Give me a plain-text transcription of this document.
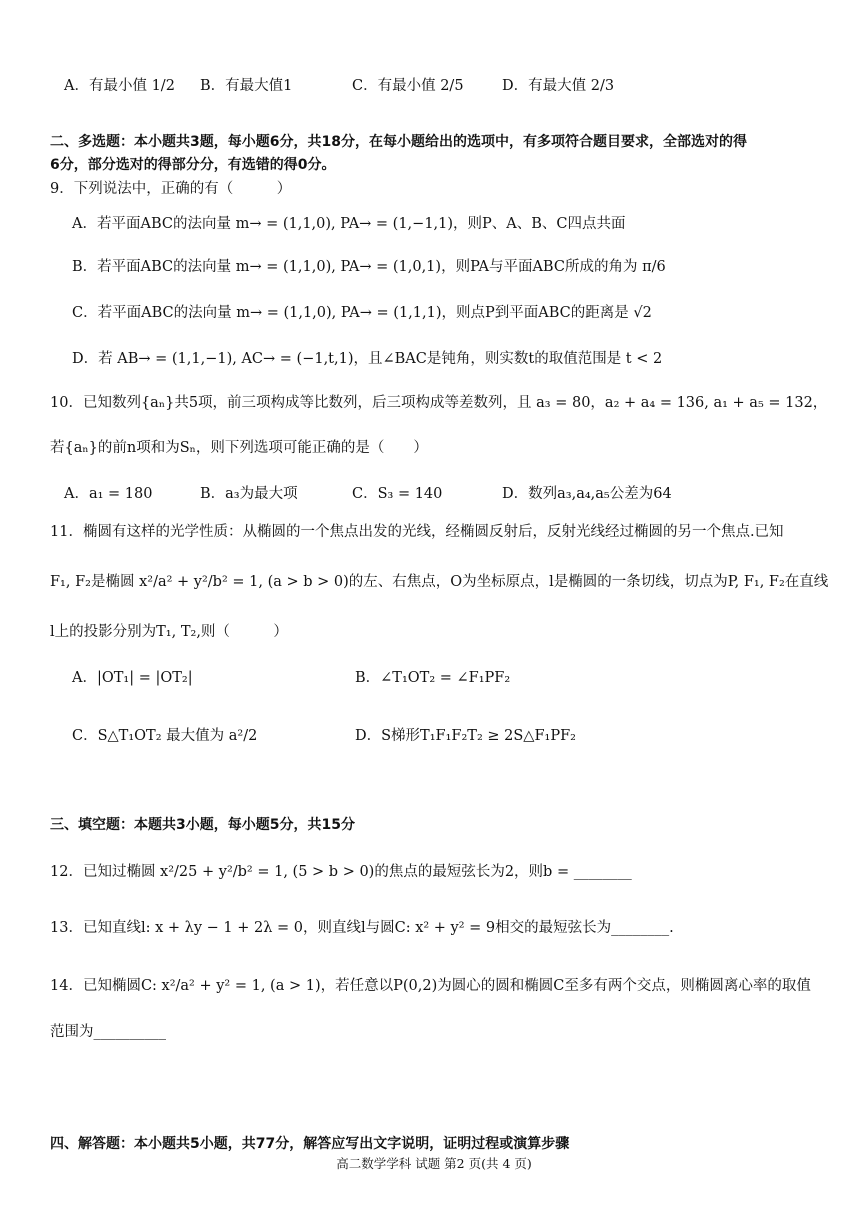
A．有最小值 1/2 B．有最大值1	C．有最小值 2/5	D．有最大值 2/3
二、多选题：本小题共3题，每小题6分，共18分，在每小题给出的选项中，有多项符合题目要求，全部选对的得
6分，部分选对的得部分分，有选错的得0分。
9．下列说法中，正确的有（　　　）
A．若平面ABC的法向量 m→ = (1,1,0), PA→ = (1,−1,1)，则P、A、B、C四点共面
B．若平面ABC的法向量 m→ = (1,1,0), PA→ = (1,0,1)，则PA与平面ABC所成的角为 π/6
C．若平面ABC的法向量 m→ = (1,1,0), PA→ = (1,1,1)，则点P到平面ABC的距离是 √2
D．若 AB→ = (1,1,−1), AC→ = (−1,t,1)，且∠BAC是钝角，则实数t的取值范围是 t < 2
10．已知数列{aₙ}共5项，前三项构成等比数列，后三项构成等差数列，且 a₃ = 80，a₂ + a₄ = 136, a₁ + a₅ = 132，
若{aₙ}的前n项和为Sₙ，则下列选项可能正确的是（　　）
A．a₁ = 180	B．a₃为最大项	C．S₃ = 140	D．数列a₃,a₄,a₅公差为64
11．椭圆有这样的光学性质：从椭圆的一个焦点出发的光线，经椭圆反射后，反射光线经过椭圆的另一个焦点.已知
F₁, F₂是椭圆 x²/a² + y²/b² = 1, (a > b > 0)的左、右焦点，O为坐标原点，l是椭圆的一条切线，切点为P, F₁, F₂在直线
l上的投影分别为T₁, T₂,则（　　　）
A．|OT₁| = |OT₂|	B．∠T₁OT₂ = ∠F₁PF₂
C．S△T₁OT₂ 最大值为 a²/2	D．S梯形T₁F₁F₂T₂ ≥ 2S△F₁PF₂
三、填空题：本题共3小题，每小题5分，共15分
12．已知过椭圆 x²/25 + y²/b² = 1, (5 > b > 0)的焦点的最短弦长为2，则b = ________
13．已知直线l: x + λy − 1 + 2λ = 0，则直线l与圆C: x² + y² = 9相交的最短弦长为________.
14．已知椭圆C: x²/a² + y² = 1, (a > 1)，若任意以P(0,2)为圆心的圆和椭圆C至多有两个交点，则椭圆离心率的取值
范围为__________
四、解答题：本小题共5小题，共77分，解答应写出文字说明，证明过程或演算步骤
高二数学学科 试题 第2 页(共 4 页)
